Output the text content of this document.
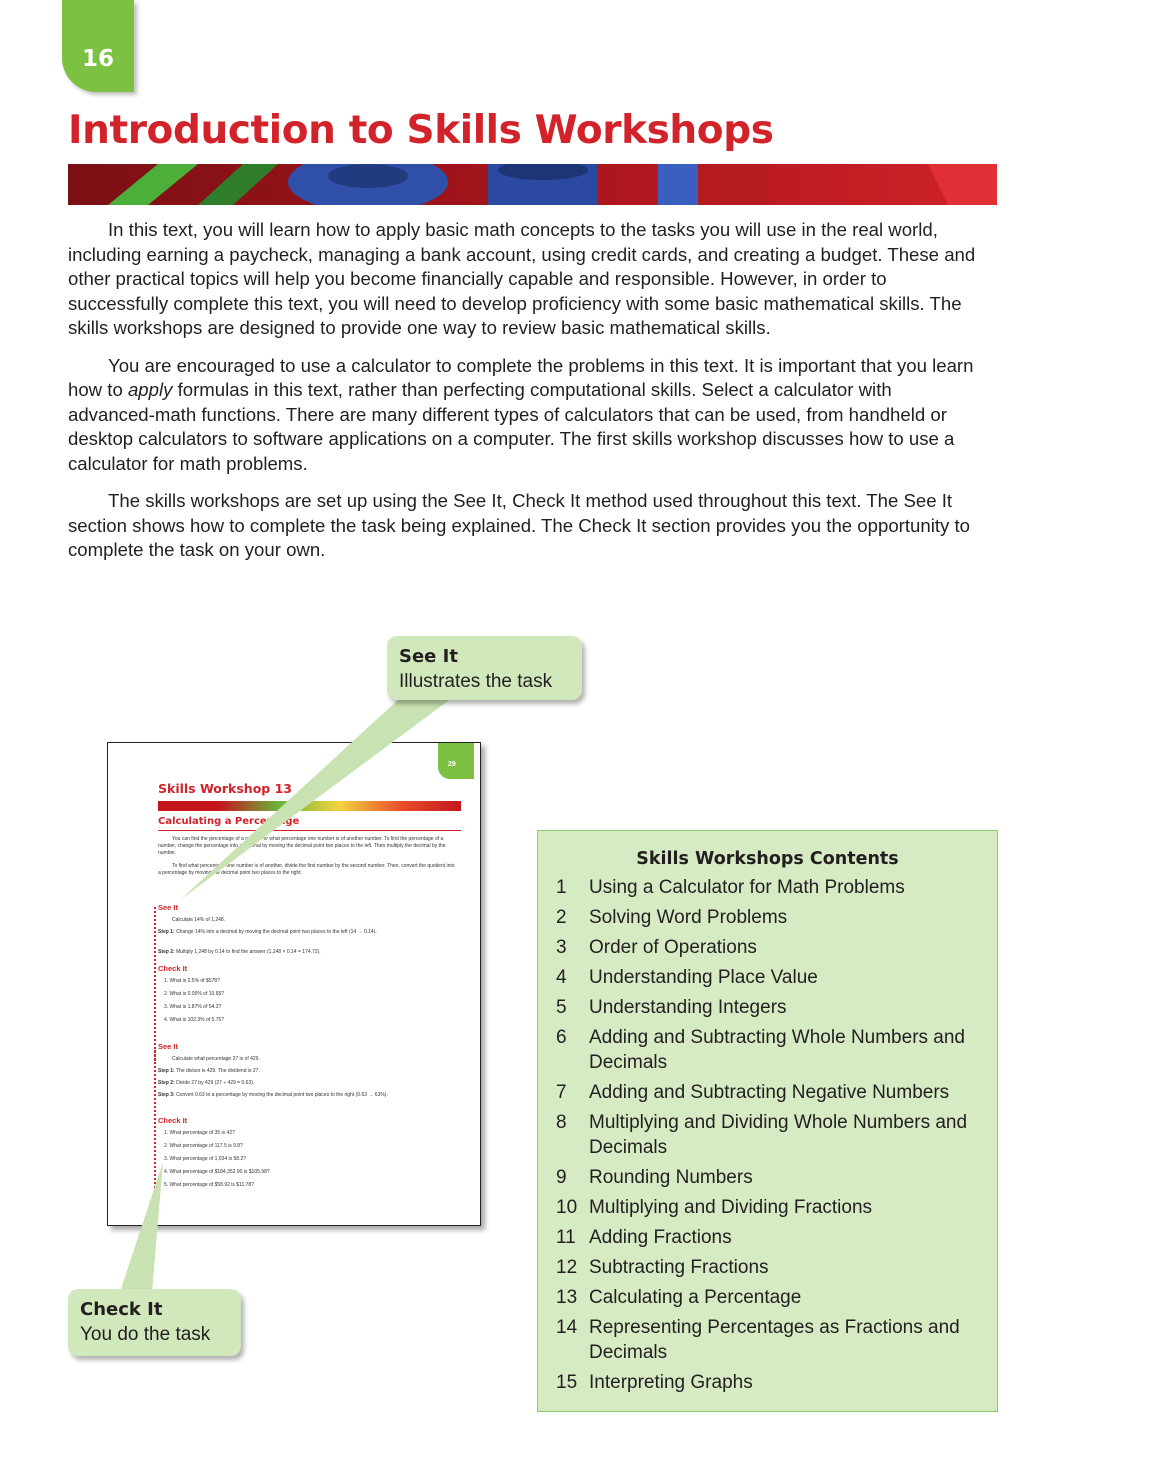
16
Introduction to Skills Workshops

In this text, you will learn how to apply basic math concepts to the tasks you will use in the real world, including earning a paycheck, managing a bank account, using credit cards, and creating a budget. These and other practical topics will help you become financially capable and responsible. However, in order to successfully complete this text, you will need to develop proficiency with some basic mathematical skills. The skills workshops are designed to provide one way to review basic mathematical skills.

You are encouraged to use a calculator to complete the problems in this text. It is important that you learn how to apply formulas in this text, rather than perfecting computational skills. Select a calculator with advanced-math functions. There are many different types of calculators that can be used, from handheld or desktop calculators to software applications on a computer. The first skills workshop discusses how to use a calculator for math problems.

The skills workshops are set up using the See It, Check It method used throughout this text. The See It section shows how to complete the task being explained. The Check It section provides you the opportunity to complete the task on your own.

See It
Illustrates the task
29
Skills Workshop 13
Calculating a Percentage
You can find the percentage of a number or what percentage one number is of another number. To find the percentage of a number, change the percentage into a decimal by moving the decimal point two places to the left. Then multiply the decimal by the number.
To find what percentage one number is of another, divide the first number by the second number. Then, convert the quotient into a percentage by moving the decimal point two places to the right.
See It
Calculate 14% of 1,248.
Step 1: Change 14% into a decimal by moving the decimal point two places to the left (14 → 0.14).
Step 2: Multiply 1,248 by 0.14 to find the answer (1,248 × 0.14 = 174.72).
Check It
1. What is 2.5% of $578?
2. What is 0.05% of 10.65?
3. What is 1.87% of 54.3?
4. What is 102.3% of 5.75?
See It
Calculate what percentage 27 is of 429.
Step 1: The divisor is 429. The dividend is 27.
Step 2: Divide 27 by 429 (27 ÷ 429 = 0.63).
Step 3: Convert 0.63 to a percentage by moving the decimal point two places to the right (0.63 → 63%).
Check It
1. What percentage of 35 is 42?
2. What percentage of 117.5 is 9.8?
3. What percentage of 1,034 is 58.2?
4. What percentage of $184,352.90 is $105.98?
5. What percentage of $58.92 is $11.78?
Check It
You do the task
Skills Workshops Contents
1 Using a Calculator for Math Problems
2 Solving Word Problems
3 Order of Operations
4 Understanding Place Value
5 Understanding Integers
6 Adding and Subtracting Whole Numbers and Decimals
7 Adding and Subtracting Negative Numbers
8 Multiplying and Dividing Whole Numbers and Decimals
9 Rounding Numbers
10 Multiplying and Dividing Fractions
11 Adding Fractions
12 Subtracting Fractions
13 Calculating a Percentage
14 Representing Percentages as Fractions and Decimals
15 Interpreting Graphs
